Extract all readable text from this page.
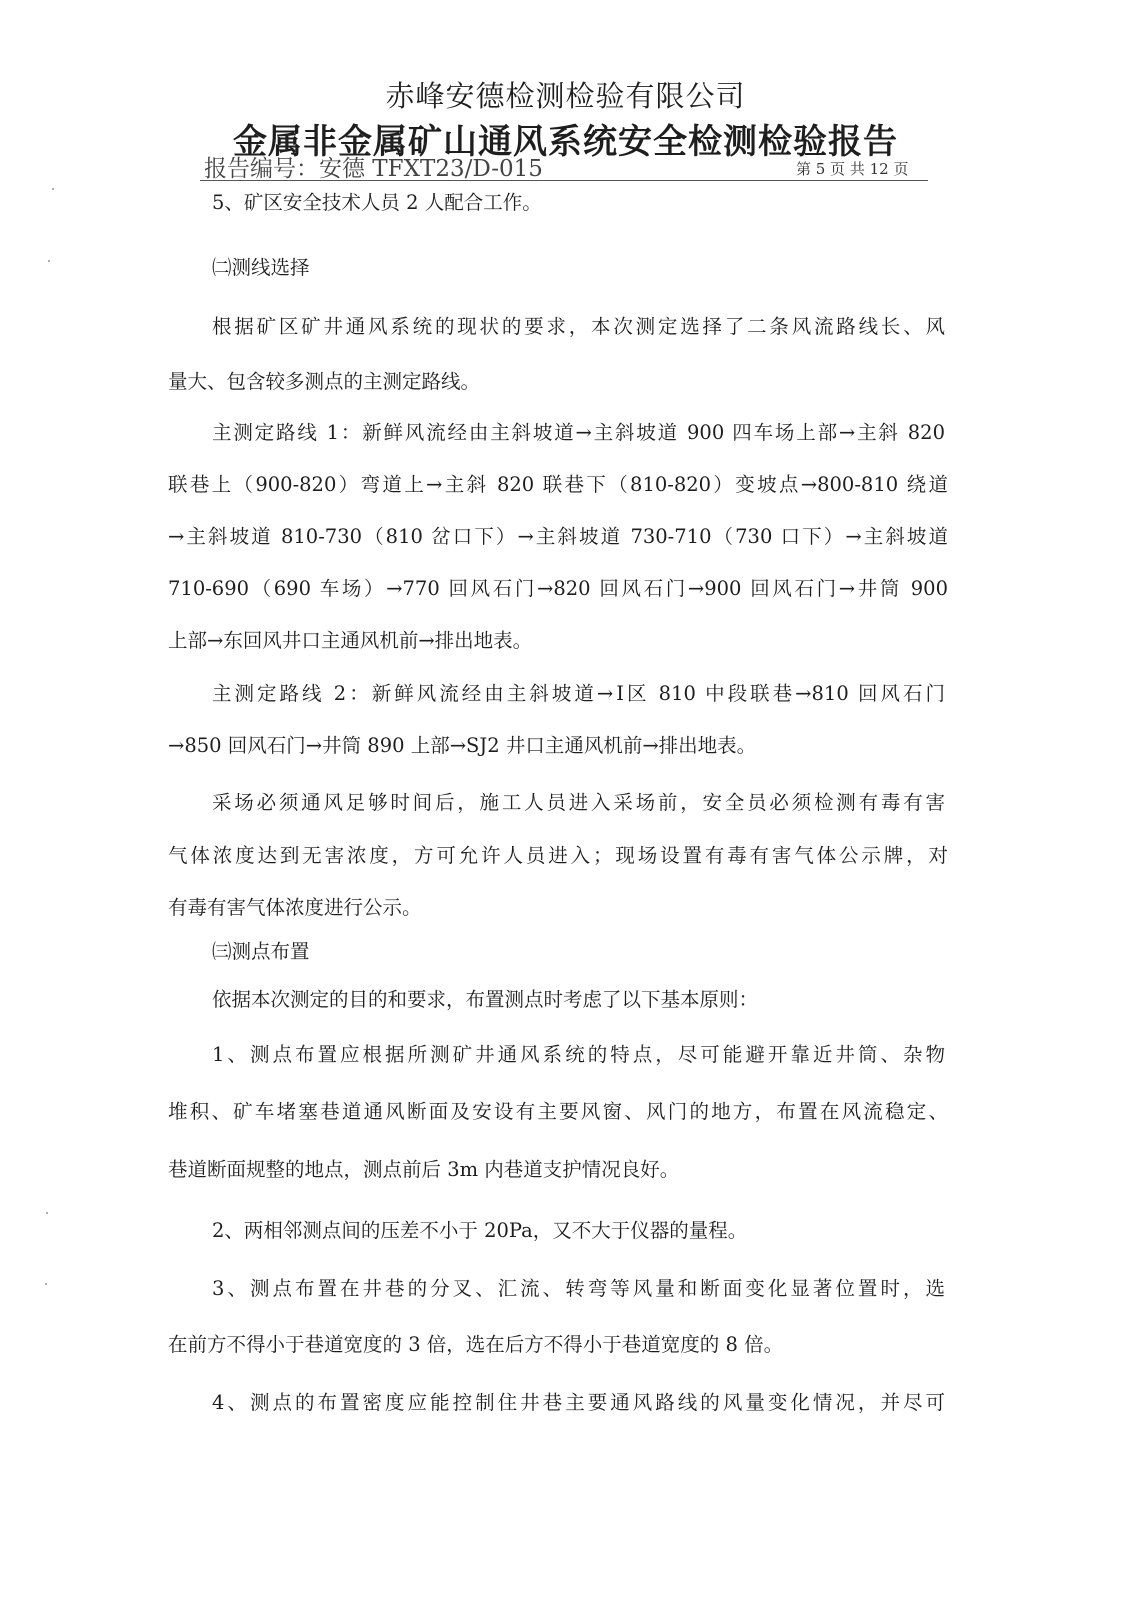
赤峰安德检测检验有限公司
金属非金属矿山通风系统安全检测检验报告
报告编号：安德 TFXT23/D-015	第 5 页 共 12 页
5、矿区安全技术人员 2 人配合工作。
㈡测线选择
根据矿区矿井通风系统的现状的要求，本次测定选择了二条风流路线长、风
量大、包含较多测点的主测定路线。
主测定路线 1：新鲜风流经由主斜坡道→主斜坡道 900 四车场上部→主斜 820
联巷上（900-820）弯道上→主斜 820 联巷下（810-820）变坡点→800-810 绕道
→主斜坡道 810-730（810 岔口下）→主斜坡道 730-710（730 口下）→主斜坡道
710-690（690 车场）→770 回风石门→820 回风石门→900 回风石门→井筒 900
上部→东回风井口主通风机前→排出地表。
主测定路线 2：新鲜风流经由主斜坡道→Ⅰ区 810 中段联巷→810 回风石门
→850 回风石门→井筒 890 上部→SJ2 井口主通风机前→排出地表。
采场必须通风足够时间后，施工人员进入采场前，安全员必须检测有毒有害
气体浓度达到无害浓度，方可允许人员进入；现场设置有毒有害气体公示牌，对
有毒有害气体浓度进行公示。
㈢测点布置
依据本次测定的目的和要求，布置测点时考虑了以下基本原则：
1、测点布置应根据所测矿井通风系统的特点，尽可能避开靠近井筒、杂物
堆积、矿车堵塞巷道通风断面及安设有主要风窗、风门的地方，布置在风流稳定、
巷道断面规整的地点，测点前后 3m 内巷道支护情况良好。
2、两相邻测点间的压差不小于 20Pa，又不大于仪器的量程。
3、测点布置在井巷的分叉、汇流、转弯等风量和断面变化显著位置时，选
在前方不得小于巷道宽度的 3 倍，选在后方不得小于巷道宽度的 8 倍。
4、测点的布置密度应能控制住井巷主要通风路线的风量变化情况，并尽可
